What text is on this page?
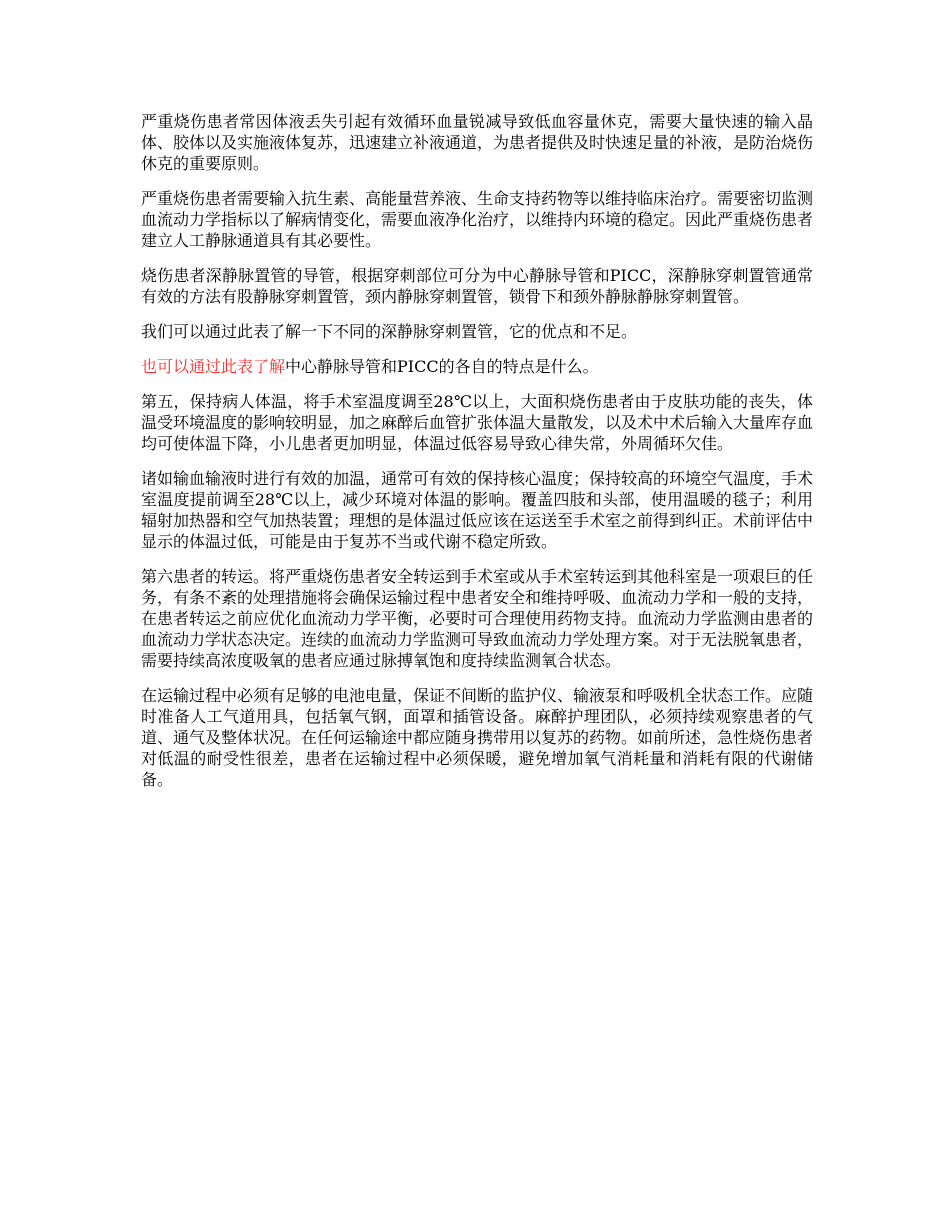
严重烧伤患者常因体液丢失引起有效循环血量锐减导致低血容量休克，需要大量快速的输入晶体、胶体以及实施液体复苏，迅速建立补液通道，为患者提供及时快速足量的补液，是防治烧伤休克的重要原则。

严重烧伤患者需要输入抗生素、高能量营养液、生命支持药物等以维持临床治疗。需要密切监测血流动力学指标以了解病情变化，需要血液净化治疗，以维持内环境的稳定。因此严重烧伤患者建立人工静脉通道具有其必要性。

烧伤患者深静脉置管的导管，根据穿刺部位可分为中心静脉导管和PICC，深静脉穿刺置管通常有效的方法有股静脉穿刺置管，颈内静脉穿刺置管，锁骨下和颈外静脉静脉穿刺置管。

我们可以通过此表了解一下不同的深静脉穿刺置管，它的优点和不足。

也可以通过此表了解中心静脉导管和PICC的各自的特点是什么。

第五，保持病人体温，将手术室温度调至28℃以上，大面积烧伤患者由于皮肤功能的丧失，体温受环境温度的影响较明显，加之麻醉后血管扩张体温大量散发，以及术中术后输入大量库存血均可使体温下降，小儿患者更加明显，体温过低容易导致心律失常，外周循环欠佳。

诸如输血输液时进行有效的加温，通常可有效的保持核心温度；保持较高的环境空气温度，手术室温度提前调至28℃以上，减少环境对体温的影响。覆盖四肢和头部，使用温暖的毯子；利用辐射加热器和空气加热装置；理想的是体温过低应该在运送至手术室之前得到纠正。术前评估中显示的体温过低，可能是由于复苏不当或代谢不稳定所致。

第六患者的转运。将严重烧伤患者安全转运到手术室或从手术室转运到其他科室是一项艰巨的任务，有条不紊的处理措施将会确保运输过程中患者安全和维持呼吸、血流动力学和一般的支持，在患者转运之前应优化血流动力学平衡，必要时可合理使用药物支持。血流动力学监测由患者的血流动力学状态决定。连续的血流动力学监测可导致血流动力学处理方案。对于无法脱氧患者，需要持续高浓度吸氧的患者应通过脉搏氧饱和度持续监测氧合状态。

在运输过程中必须有足够的电池电量，保证不间断的监护仪、输液泵和呼吸机全状态工作。应随时准备人工气道用具，包括氧气钢，面罩和插管设备。麻醉护理团队，必须持续观察患者的气道、通气及整体状况。在任何运输途中都应随身携带用以复苏的药物。如前所述，急性烧伤患者对低温的耐受性很差，患者在运输过程中必须保暖，避免增加氧气消耗量和消耗有限的代谢储备。
